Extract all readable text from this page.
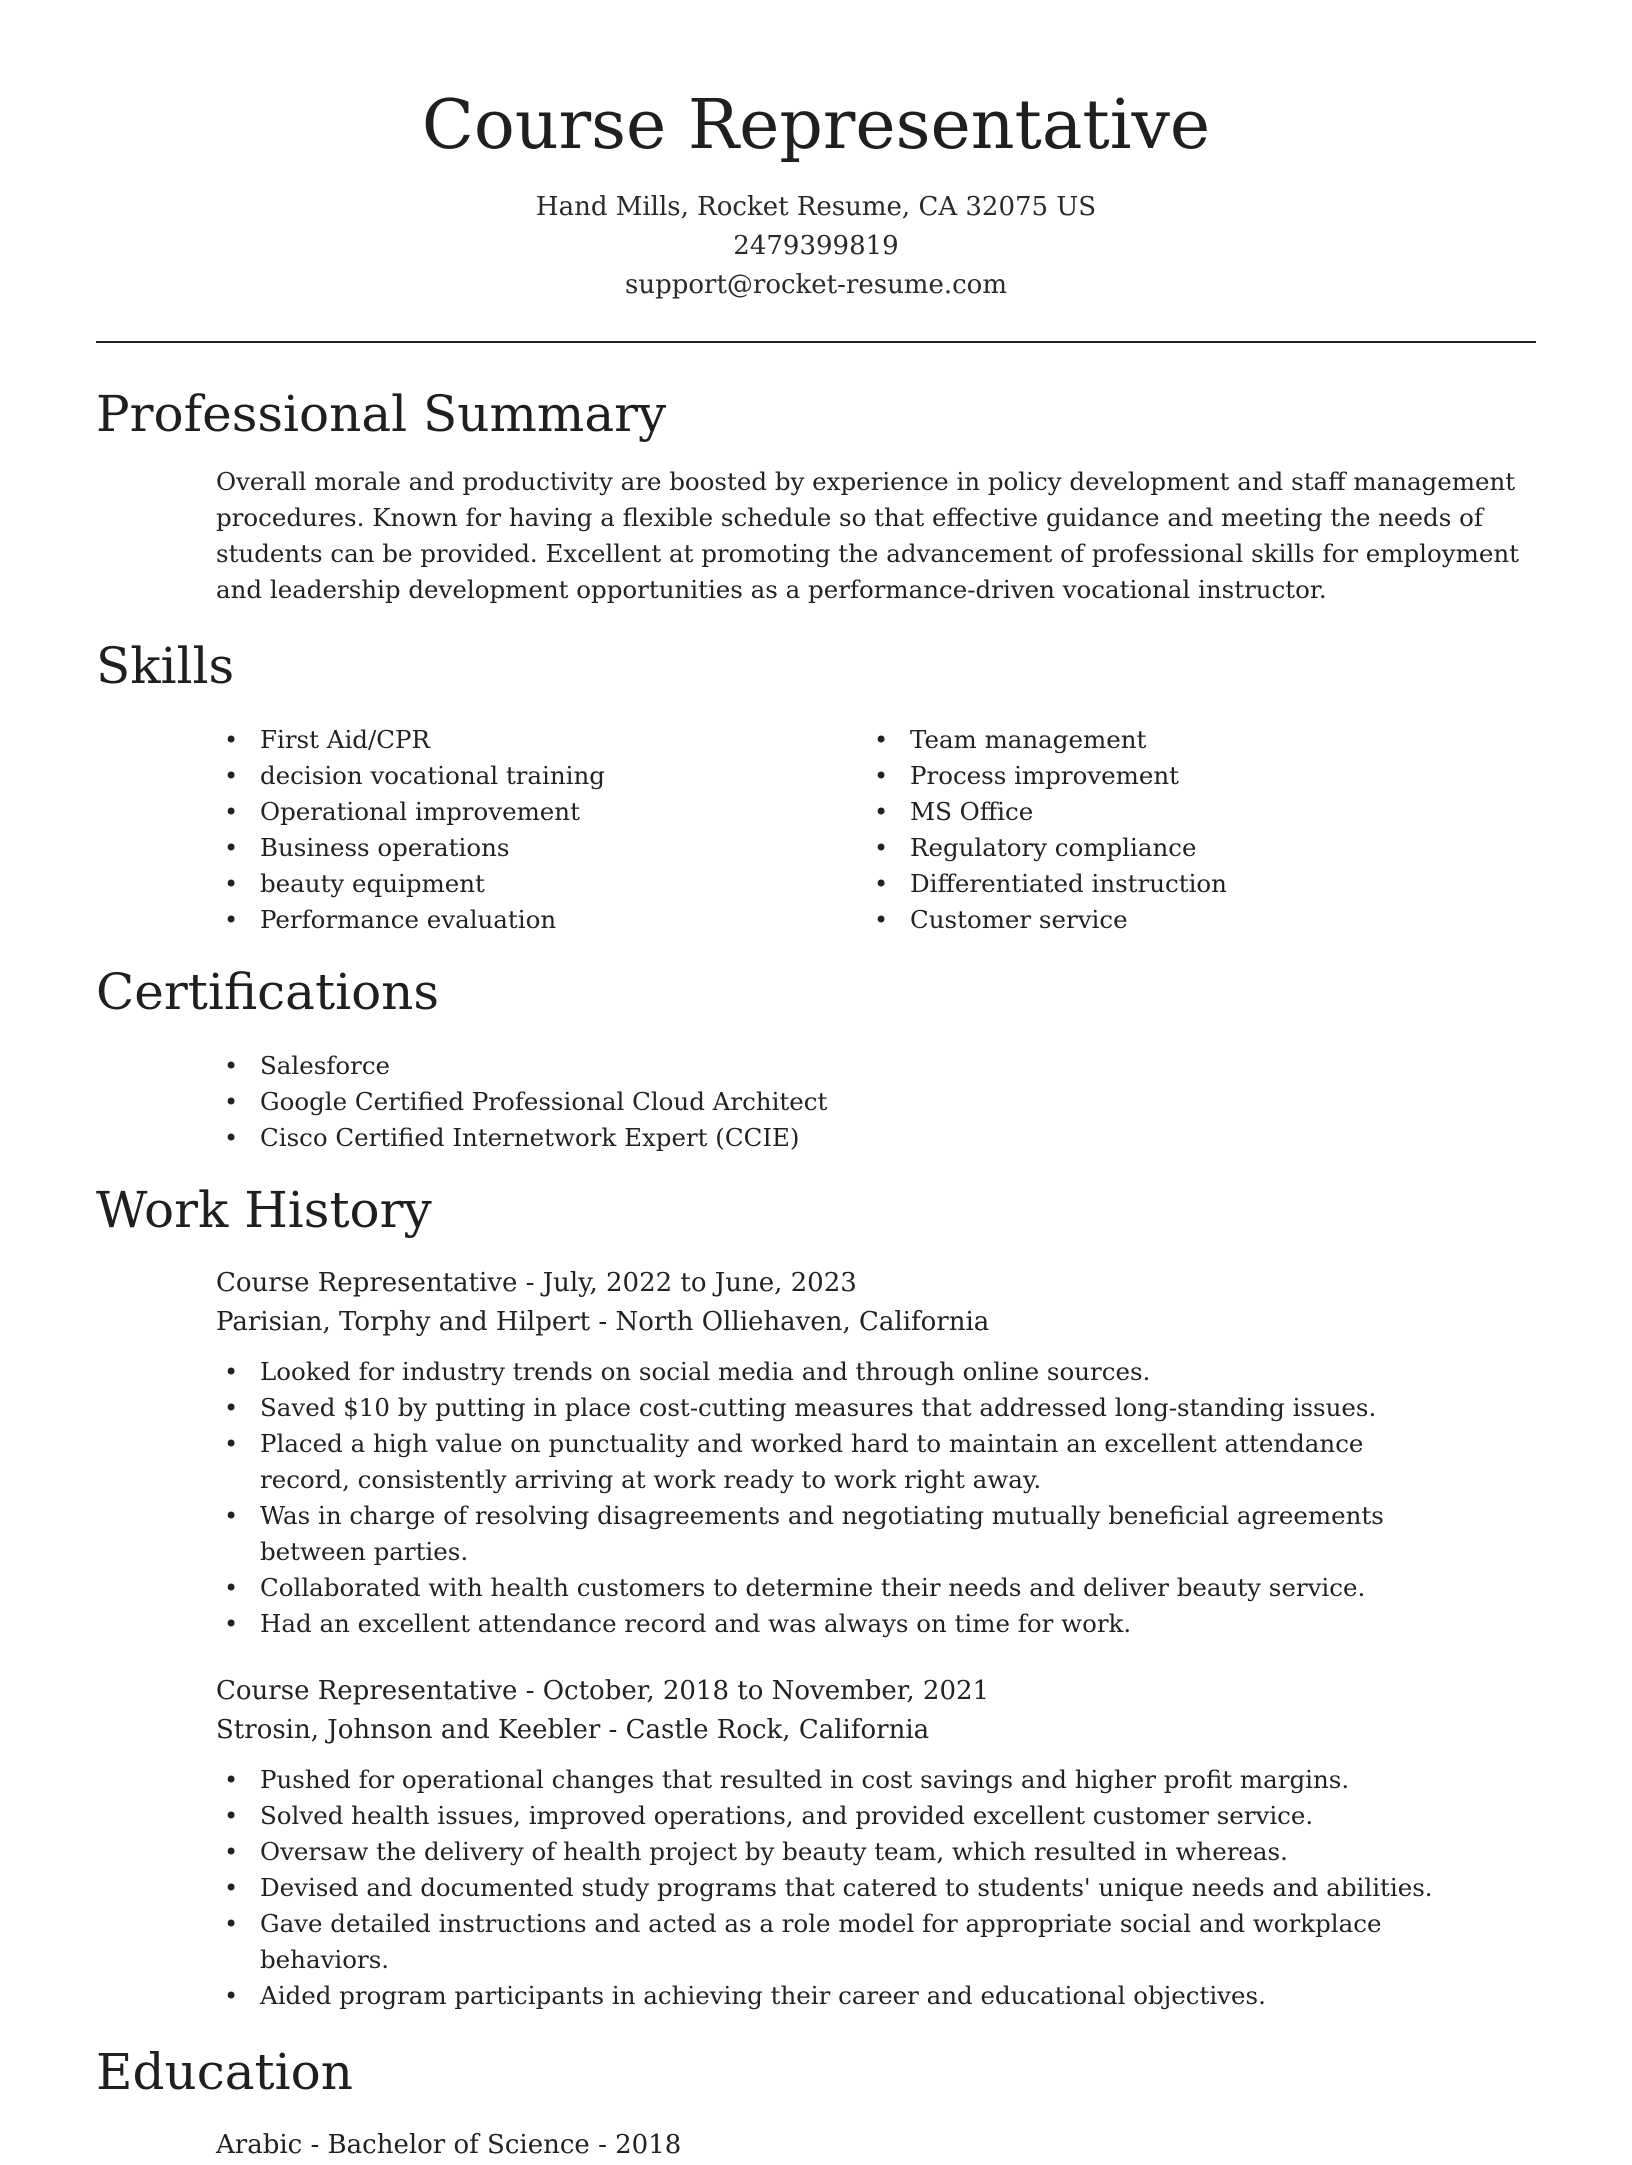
Course Representative
Hand Mills, Rocket Resume, CA 32075 US
2479399819
support@rocket-resume.com
Professional Summary

Overall morale and productivity are boosted by experience in policy development and staff management procedures. Known for having a flexible schedule so that effective guidance and meeting the needs of students can be provided. Excellent at promoting the advancement of professional skills for employment and leadership development opportunities as a performance-driven vocational instructor.

Skills
• First Aid/CPR
• decision vocational training
• Operational improvement
• Business operations
• beauty equipment
• Performance evaluation
• Team management
• Process improvement
• MS Office
• Regulatory compliance
• Differentiated instruction
• Customer service
Certifications
• Salesforce
• Google Certified Professional Cloud Architect
• Cisco Certified Internetwork Expert (CCIE)
Work History
Course Representative - July, 2022 to June, 2023
Parisian, Torphy and Hilpert - North Olliehaven, California
• Looked for industry trends on social media and through online sources.
• Saved $10 by putting in place cost-cutting measures that addressed long-standing issues.
• Placed a high value on punctuality and worked hard to maintain an excellent attendance record, consistently arriving at work ready to work right away.
• Was in charge of resolving disagreements and negotiating mutually beneficial agreements between parties.
• Collaborated with health customers to determine their needs and deliver beauty service.
• Had an excellent attendance record and was always on time for work.
Course Representative - October, 2018 to November, 2021
Strosin, Johnson and Keebler - Castle Rock, California
• Pushed for operational changes that resulted in cost savings and higher profit margins.
• Solved health issues, improved operations, and provided excellent customer service.
• Oversaw the delivery of health project by beauty team, which resulted in whereas.
• Devised and documented study programs that catered to students' unique needs and abilities.
• Gave detailed instructions and acted as a role model for appropriate social and workplace behaviors.
• Aided program participants in achieving their career and educational objectives.
Education
Arabic - Bachelor of Science - 2018
